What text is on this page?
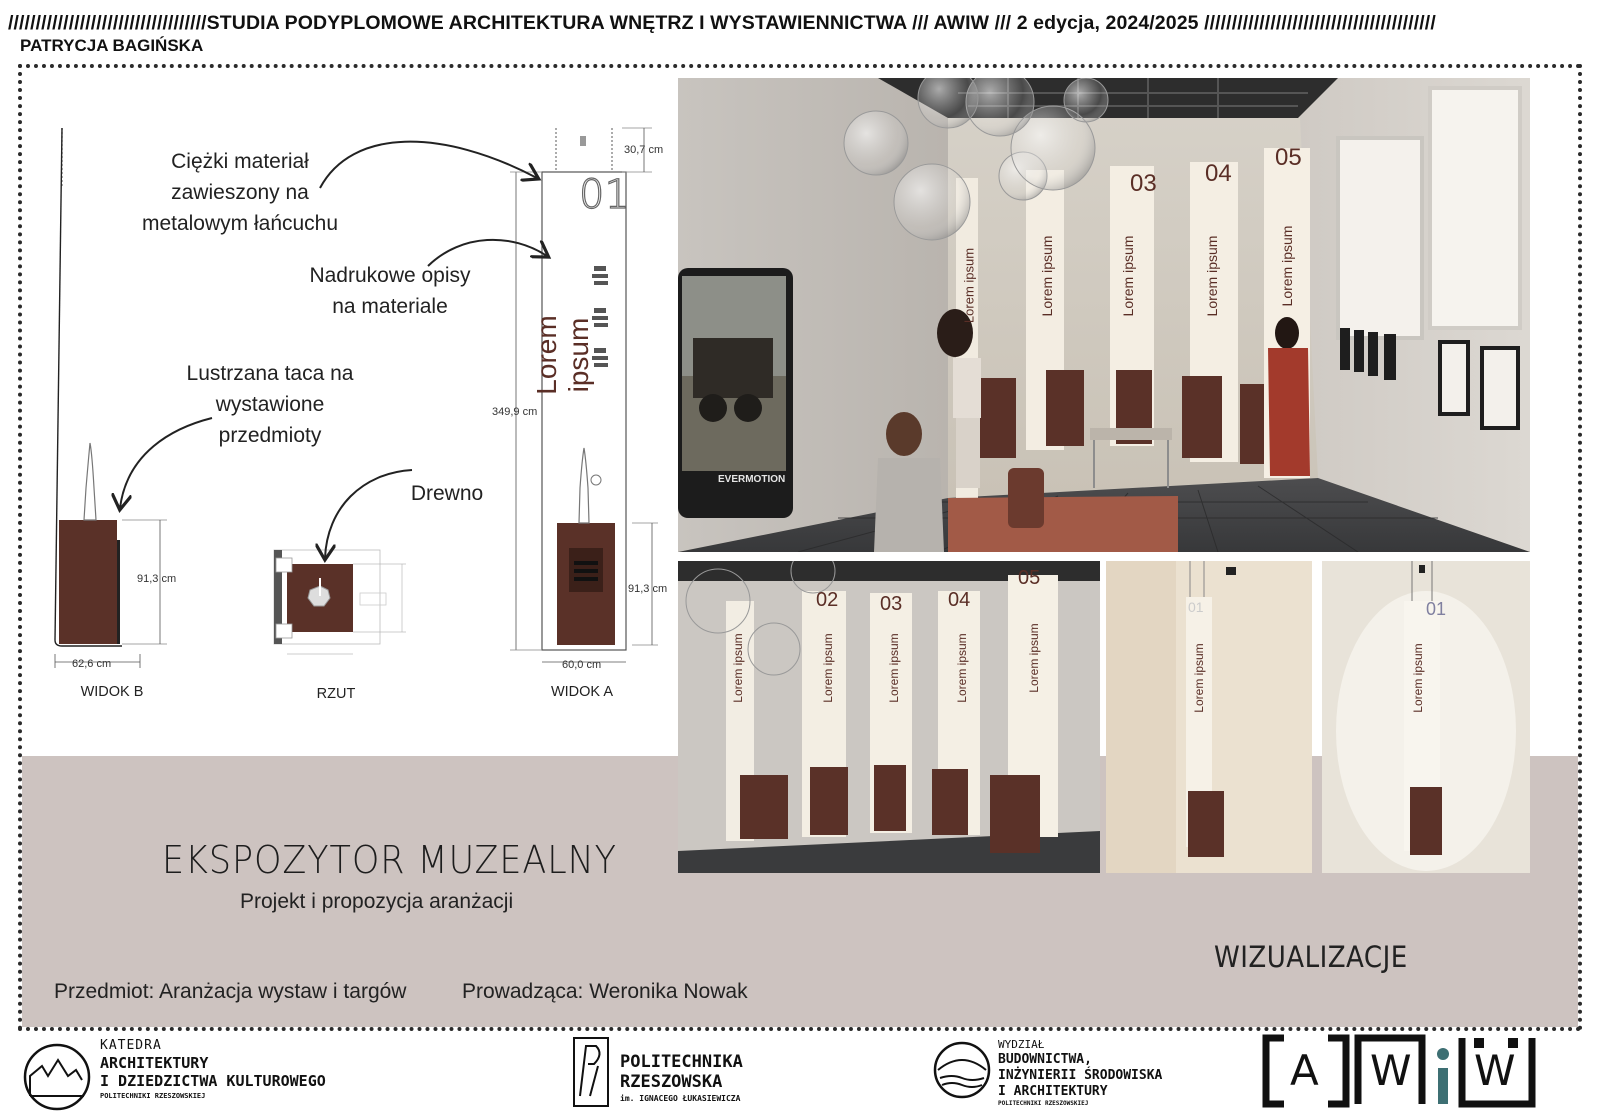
////////////////////////////////////STUDIA PODYPLOMOWE ARCHITEKTURA WNĘTRZ I WYSTAWIENNICTWA /// AWIW /// 2 edycja, 2024/2025 //////////////////////////////////////////
PATRYCJA BAGIŃSKA
01
Lorem ipsum
Ciężki materiał
zawieszony na
metalowym łańcuchu
Nadrukowe opisy
na materiale
Lustrzana taca na
wystawione
przedmioty
Drewno
91,3 cm
62,6 cm
30,7 cm
349,9 cm
91,3 cm
60,0 cm
WIDOK B	RZUT	WIDOK A
EKSPOZYTOR MUZEALNY
Projekt i propozycja aranżacji
Przedmiot: Aranżacja wystaw i targów	Prowadząca: Weronika Nowak
WIZUALIZACJE
03 04
05
Lorem ipsum	Lorem ipsum	Lorem ipsum
Lorem ipsum
Lorem ipsum
EVERMOTION
02 03 04
05
Lorem ipsum	Lorem ipsum	Lorem ipsum	Lorem ipsum
Lorem ipsum
01
Lorem ipsum
01
Lorem ipsum
KATEDRA
ARCHITEKTURY
I DZIEDZICTWA KULTUROWEGO
POLITECHNIKI RZESZOWSKIEJ
POLITECHNIKA
RZESZOWSKA
im. IGNACEGO ŁUKASIEWICZA
WYDZIAŁ
BUDOWNICTWA,
INŻYNIERII ŚRODOWISKA
I ARCHITEKTURY
POLITECHNIKI RZESZOWSKIEJ
A W W
